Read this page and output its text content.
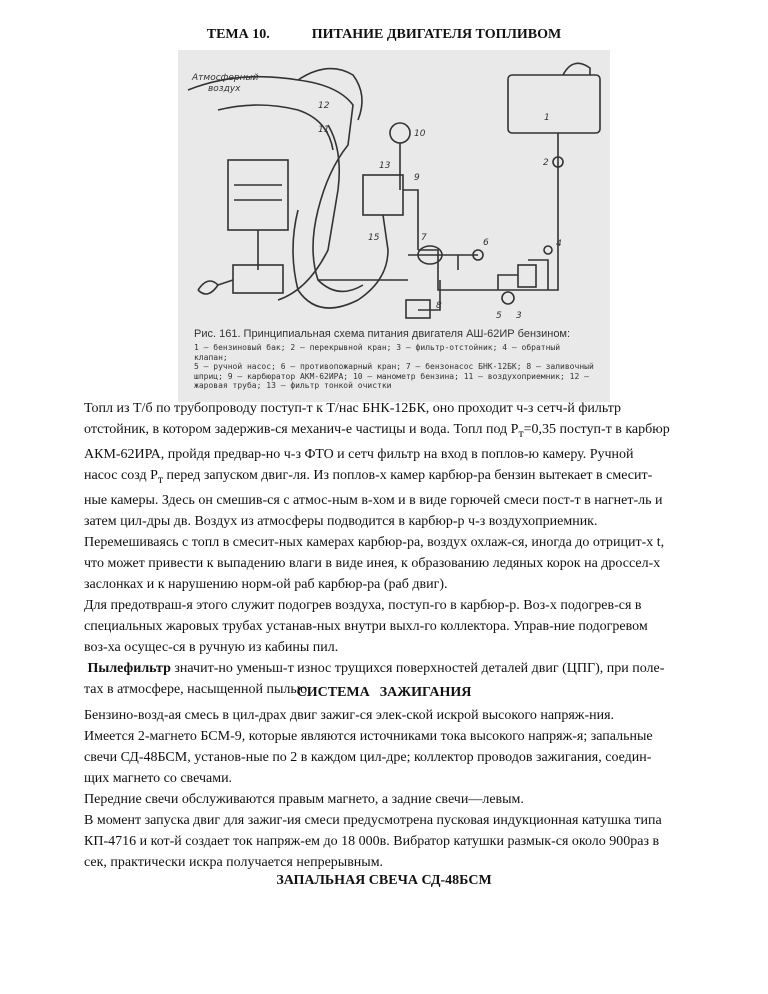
ТЕМА 10.	ПИТАНИЕ ДВИГАТЕЛЯ ТОПЛИВОМ
Атмосферный
воздух
1
2
3
4
5
6
7
8
9
10
11
12
13
15
Рис. 161. Принципиальная схема питания двигателя АШ-62ИР бензином:
1 — бензиновый бак; 2 — перекрывной кран; 3 — фильтр-отстойник; 4 — обратный клапан;
5 — ручной насос; 6 — противопожарный кран; 7 — бензонасос БНК-12БК; 8 — заливочный
шприц; 9 — карбюратор АКМ-62ИРА; 10 — манометр бензина; 11 — воздухоприемник; 12 —
жаровая труба; 13 — фильтр тонкой очистки

Топл из Т/б по трубопроводу поступ-т к Т/нас БНК-12БК, оно проходит ч-з сетч-й фильтр
отстойник, в котором задержив-ся механич-е частицы и вода. Топл под $Р_т=0,35$ поступ-т в карбюр
АКМ-62ИРА, пройдя предвар-но ч-з ФТО и сетч фильтр на вход в поплов-ю камеру. Ручной
насос созд $Р_т$ перед запуском двиг-ля. Из поплов-х камер карбюр-ра бензин вытекает в смесит-
ные камеры. Здесь он смешив-ся с атмос-ным в-хом и в виде горючей смеси пост-т в нагнет-ль и
затем цил-дры дв. Воздух из атмосферы подводится в карбюр-р ч-з воздухоприемник.

Перемешиваясь с топл в смесит-ных камерах карбюр-ра, воздух охлаж-ся, иногда до отрицит-х t,
что может привести к выпадению влаги в виде инея, к образованию ледяных корок на дроссел-х
заслонках и к нарушению норм-ой раб карбюр-ра (раб двиг).

Для предотвраш-я этого служит подогрев воздуха, поступ-го в карбюр-р. Воз-х подогрев-ся в
специальных жаровых трубах устанав-ных внутри выхл-го коллектора. Управ-ние подогревом
воз-ха осущес-ся в ручную из кабины пил.

Пылефильтр значит-но уменьш-т износ трущихся поверхностей деталей двиг (ЦПГ), при поле-
тах в атмосфере, насыщенной пылью.

СИСТЕМА ЗАЖИГАНИЯ

Бензино-возд-ая смесь в цил-драх двиг зажиг-ся элек-ской искрой высокого напряж-ния.
Имеется 2-магнето БСМ-9, которые являются источниками тока высокого напряж-я; запальные
свечи СД-48БСМ, установ-ные по 2 в каждом цил-дре; коллектор проводов зажигания, соедин-
щих магнето со свечами.

Передние свечи обслуживаются правым магнето, а задние свечи—левым.

В момент запуска двиг для зажиг-ия смеси предусмотрена пусковая индукционная катушка типа
КП-4716 и кот-й создает ток напряж-ем до 18 000в. Вибратор катушки размык-ся около 900раз в
сек, практически искра получается непрерывным.

ЗАПАЛЬНАЯ СВЕЧА СД-48БСМ
